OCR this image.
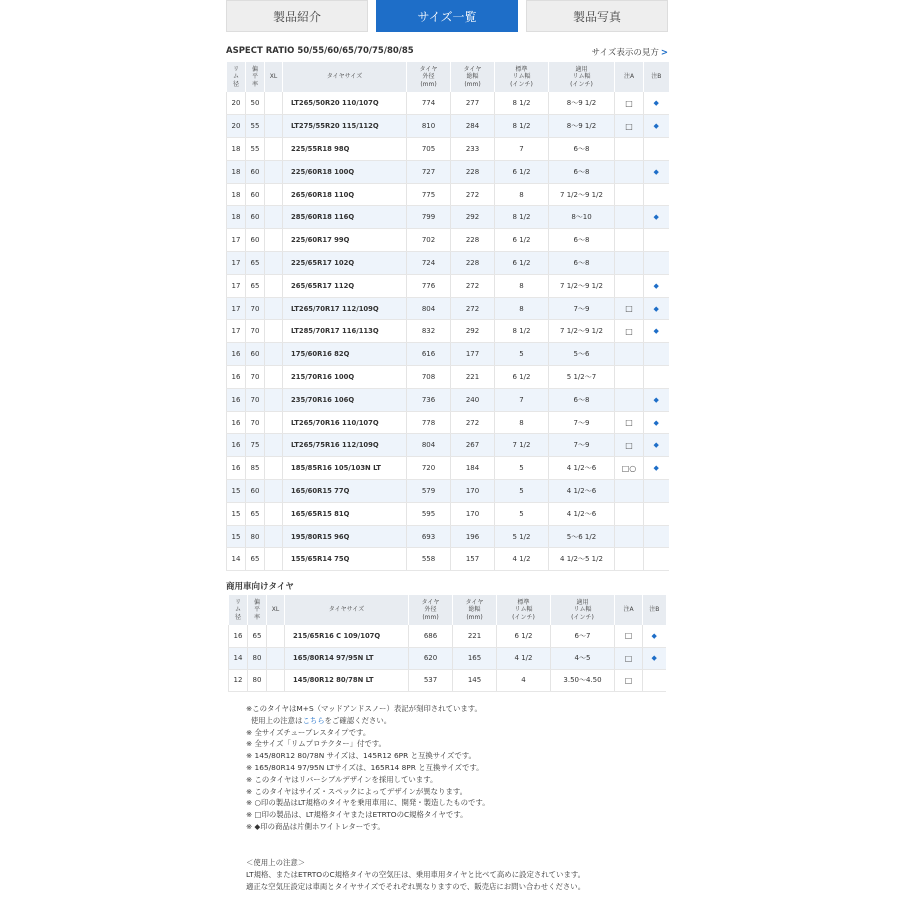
製品紹介	サイズ一覧	製品写真
ASPECT RATIO 50/55/60/65/70/75/80/85	サイズ表示の見方 >
リ
ム
径	偏
平
率	XL	タイヤサイズ	タイヤ
外径
(mm)	タイヤ
総幅
(mm)	標準
リム幅
(インチ)	適用
リム幅
(インチ)	注A	注B
20	50		LT265/50R20 110/107Q	774	277	8 1/2	8〜9 1/2	□	◆
20	55		LT275/55R20 115/112Q	810	284	8 1/2	8〜9 1/2	□	◆
18	55		225/55R18 98Q	705	233	7	6〜8		
18	60		225/60R18 100Q	727	228	6 1/2	6〜8		◆
18	60		265/60R18 110Q	775	272	8	7 1/2〜9 1/2		
18	60		285/60R18 116Q	799	292	8 1/2	8〜10		◆
17	60		225/60R17 99Q	702	228	6 1/2	6〜8		
17	65		225/65R17 102Q	724	228	6 1/2	6〜8		
17	65		265/65R17 112Q	776	272	8	7 1/2〜9 1/2		◆
17	70		LT265/70R17 112/109Q	804	272	8	7〜9	□	◆
17	70		LT285/70R17 116/113Q	832	292	8 1/2	7 1/2〜9 1/2	□	◆
16	60		175/60R16 82Q	616	177	5	5〜6		
16	70		215/70R16 100Q	708	221	6 1/2	5 1/2〜7		
16	70		235/70R16 106Q	736	240	7	6〜8		◆
16	70		LT265/70R16 110/107Q	778	272	8	7〜9	□	◆
16	75		LT265/75R16 112/109Q	804	267	7 1/2	7〜9	□	◆
16	85		185/85R16 105/103N LT	720	184	5	4 1/2〜6	□○	◆
15	60		165/60R15 77Q	579	170	5	4 1/2〜6		
15	65		165/65R15 81Q	595	170	5	4 1/2〜6		
15	80		195/80R15 96Q	693	196	5 1/2	5〜6 1/2		
14	65		155/65R14 75Q	558	157	4 1/2	4 1/2〜5 1/2		
商用車向けタイヤ
リ
ム
径	偏
平
率	XL	タイヤサイズ	タイヤ
外径
(mm)	タイヤ
総幅
(mm)	標準
リム幅
(インチ)	適用
リム幅
(インチ)	注A	注B
16	65		215/65R16 C 109/107Q	686	221	6 1/2	6〜7	□	◆
14	80		165/80R14 97/95N LT	620	165	4 1/2	4〜5	□	◆
12	80		145/80R12 80/78N LT	537	145	4	3.50〜4.50	□	
※このタイヤはM+S（マッドアンドスノー）表記が刻印されています。
使用上の注意はこちらをご確認ください。
※ 全サイズチューブレスタイプです。
※ 全サイズ「リムプロテクター」付です。
※ 145/80R12 80/78N サイズは、145R12 6PR と互換サイズです。
※ 165/80R14 97/95N LTサイズは、165R14 8PR と互換サイズです。
※ このタイヤはリバーシブルデザインを採用しています。
※ このタイヤはサイズ・スペックによってデザインが異なります。
※ ○印の製品はLT規格のタイヤを乗用車用に、開発・製造したものです。
※ □印の製品は、LT規格タイヤまたはETRTOのC規格タイヤです。
※ ◆印の商品は片側ホワイトレターです。
＜使用上の注意＞
LT規格、またはETRTOのC規格タイヤの空気圧は、乗用車用タイヤと比べて高めに設定されています。
適正な空気圧設定は車両とタイヤサイズでそれぞれ異なりますので、販売店にお問い合わせください。
